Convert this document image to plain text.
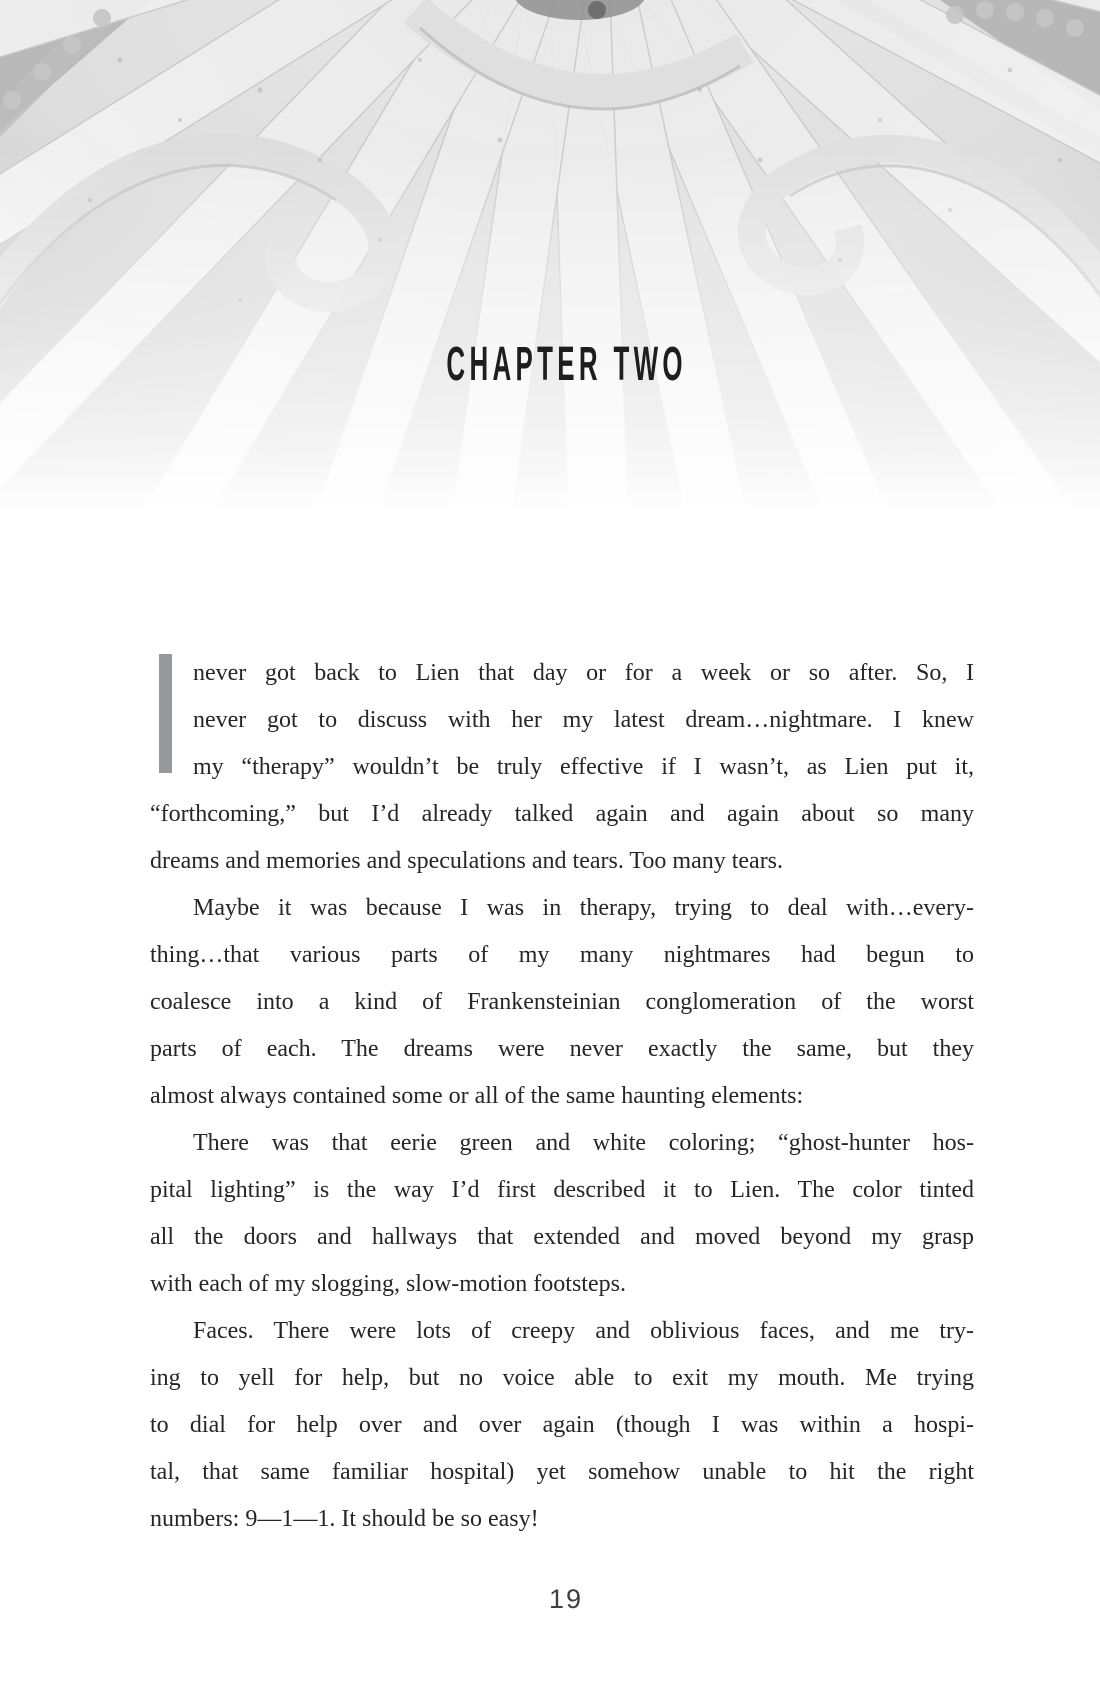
CHAPTER TWO

never got back to Lien that day or for a week or so after. So, I

never got to discuss with her my latest dream…nightmare. I knew

my “therapy” wouldn’t be truly effective if I wasn’t, as Lien put it,

“forthcoming,” but I’d already talked again and again about so many

dreams and memories and speculations and tears. Too many tears.

Maybe it was because I was in therapy, trying to deal with…every-

thing…that various parts of my many nightmares had begun to

coalesce into a kind of Frankensteinian conglomeration of the worst

parts of each. The dreams were never exactly the same, but they

almost always contained some or all of the same haunting elements:

There was that eerie green and white coloring; “ghost-hunter hos-

pital lighting” is the way I’d first described it to Lien. The color tinted

all the doors and hallways that extended and moved beyond my grasp

with each of my slogging, slow-motion footsteps.

Faces. There were lots of creepy and oblivious faces, and me try-

ing to yell for help, but no voice able to exit my mouth. Me trying

to dial for help over and over again (though I was within a hospi-

tal, that same familiar hospital) yet somehow unable to hit the right

numbers: 9—1—1. It should be so easy!

19
